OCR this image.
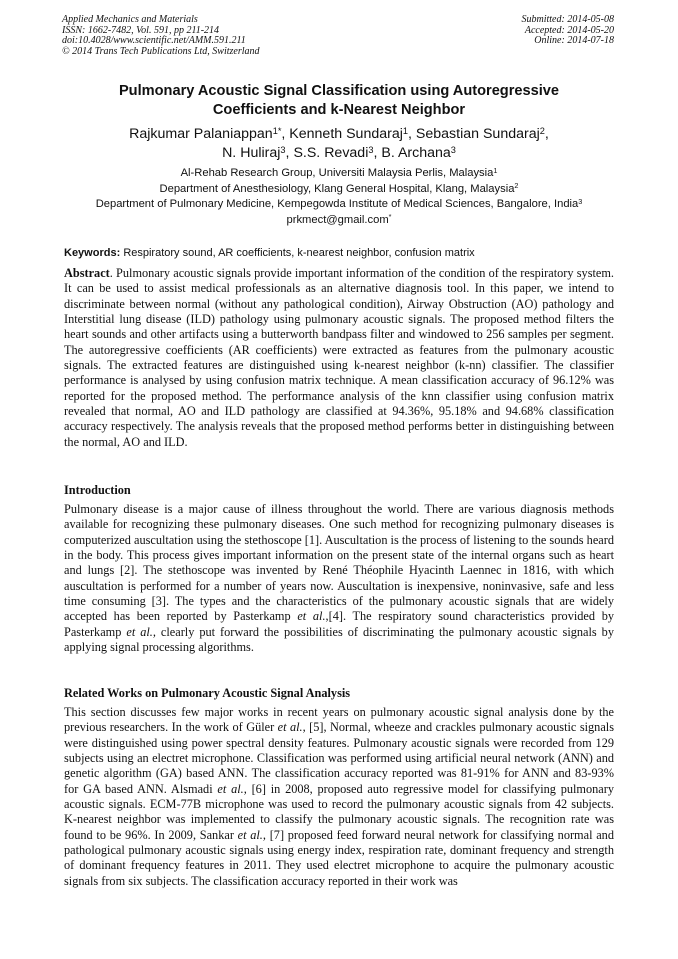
Applied Mechanics and Materials
ISSN: 1662-7482, Vol. 591, pp 211-214
doi:10.4028/www.scientific.net/AMM.591.211
© 2014 Trans Tech Publications Ltd, Switzerland
Submitted: 2014-05-08
Accepted: 2014-05-20
Online: 2014-07-18
Pulmonary Acoustic Signal Classification using Autoregressive
Coefficients and k-Nearest Neighbor
Rajkumar Palaniappan$^{1*}$, Kenneth Sundaraj$^1$, Sebastian Sundaraj$^2$,
N. Huliraj$^3$, S.S. Revadi$^3$, B. Archana$^3$
Al-Rehab Research Group, Universiti Malaysia Perlis, Malaysia$^1$
Department of Anesthesiology, Klang General Hospital, Klang, Malaysia$^2$
Department of Pulmonary Medicine, Kempegowda Institute of Medical Sciences, Bangalore, India$^3$
prkmect@gmail.com*
Keywords: Respiratory sound, AR coefficients, k-nearest neighbor, confusion matrix
Abstract. Pulmonary acoustic signals provide important information of the condition of the respiratory system. It can be used to assist medical professionals as an alternative diagnosis tool. In this paper, we intend to discriminate between normal (without any pathological condition), Airway Obstruction (AO) pathology and Interstitial lung disease (ILD) pathology using pulmonary acoustic signals. The proposed method filters the heart sounds and other artifacts using a butterworth bandpass filter and windowed to 256 samples per segment. The autoregressive coefficients (AR coefficients) were extracted as features from the pulmonary acoustic signals. The extracted features are distinguished using k-nearest neighbor (k-nn) classifier. The classifier performance is analysed by using confusion matrix technique. A mean classification accuracy of 96.12% was reported for the proposed method. The performance analysis of the knn classifier using confusion matrix revealed that normal, AO and ILD pathology are classified at 94.36%, 95.18% and 94.68% classification accuracy respectively. The analysis reveals that the proposed method performs better in distinguishing between the normal, AO and ILD.
Introduction
Pulmonary disease is a major cause of illness throughout the world. There are various diagnosis methods available for recognizing these pulmonary diseases. One such method for recognizing pulmonary diseases is computerized auscultation using the stethoscope [1]. Auscultation is the process of listening to the sounds heard in the body. This process gives important information on the present state of the internal organs such as heart and lungs [2]. The stethoscope was invented by René Théophile Hyacinth Laennec in 1816, with which auscultation is performed for a number of years now. Auscultation is inexpensive, noninvasive, safe and less time consuming [3]. The types and the characteristics of the pulmonary acoustic signals that are widely accepted has been reported by Pasterkamp et al.,[4]. The respiratory sound characteristics provided by Pasterkamp et al., clearly put forward the possibilities of discriminating the pulmonary acoustic signals by applying signal processing algorithms.
Related Works on Pulmonary Acoustic Signal Analysis
This section discusses few major works in recent years on pulmonary acoustic signal analysis done by the previous researchers. In the work of Güler et al., [5], Normal, wheeze and crackles pulmonary acoustic signals were distinguished using power spectral density features. Pulmonary acoustic signals were recorded from 129 subjects using an electret microphone. Classification was performed using artificial neural network (ANN) and genetic algorithm (GA) based ANN. The classification accuracy reported was 81-91% for ANN and 83-93% for GA based ANN. Alsmadi et al., [6] in 2008, proposed auto regressive model for classifying pulmonary acoustic signals. ECM-77B microphone was used to record the pulmonary acoustic signals from 42 subjects. K-nearest neighbor was implemented to classify the pulmonary acoustic signals. The recognition rate was found to be 96%. In 2009, Sankar et al., [7] proposed feed forward neural network for classifying normal and pathological pulmonary acoustic signals using energy index, respiration rate, dominant frequency and strength of dominant frequency features in 2011. They used electret microphone to acquire the pulmonary acoustic signals from six subjects. The classification accuracy reported in their work was
